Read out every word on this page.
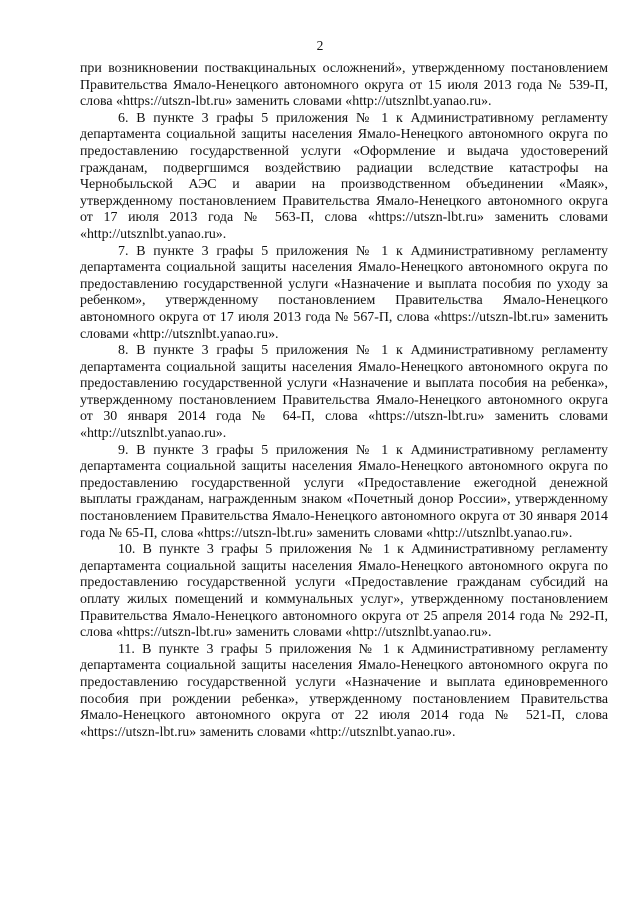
2

при возникновении поствакцинальных осложнений», утвержденному постановлением Правительства Ямало-Ненецкого автономного округа от 15 июля 2013 года № 539-П, слова «https://utszn-lbt.ru» заменить словами «http://utsznlbt.yanao.ru».

6. В пункте 3 графы 5 приложения № 1 к Административному регламенту департамента социальной защиты населения Ямало-Ненецкого автономного округа по предоставлению государственной услуги «Оформление и выдача удостоверений гражданам, подвергшимся воздействию радиации вследствие катастрофы на Чернобыльской АЭС и аварии на производственном объединении «Маяк», утвержденному постановлением Правительства Ямало-Ненецкого автономного округа от 17 июля 2013 года № 563-П, слова «https://utszn-lbt.ru» заменить словами «http://utsznlbt.yanao.ru».

7. В пункте 3 графы 5 приложения № 1 к Административному регламенту департамента социальной защиты населения Ямало-Ненецкого автономного округа по предоставлению государственной услуги «Назначение и выплата пособия по уходу за ребенком», утвержденному постановлением Правительства Ямало-Ненецкого автономного округа от 17 июля 2013 года № 567-П, слова «https://utszn-lbt.ru» заменить словами «http://utsznlbt.yanao.ru».

8. В пункте 3 графы 5 приложения № 1 к Административному регламенту департамента социальной защиты населения Ямало-Ненецкого автономного округа по предоставлению государственной услуги «Назначение и выплата пособия на ребенка», утвержденному постановлением Правительства Ямало-Ненецкого автономного округа от 30 января 2014 года № 64-П, слова «https://utszn-lbt.ru» заменить словами «http://utsznlbt.yanao.ru».

9. В пункте 3 графы 5 приложения № 1 к Административному регламенту департамента социальной защиты населения Ямало-Ненецкого автономного округа по предоставлению государственной услуги «Предоставление ежегодной денежной выплаты гражданам, награжденным знаком «Почетный донор России», утвержденному постановлением Правительства Ямало-Ненецкого автономного округа от 30 января 2014 года № 65-П, слова «https://utszn-lbt.ru» заменить словами «http://utsznlbt.yanao.ru».

10. В пункте 3 графы 5 приложения № 1 к Административному регламенту департамента социальной защиты населения Ямало-Ненецкого автономного округа по предоставлению государственной услуги «Предоставление гражданам субсидий на оплату жилых помещений и коммунальных услуг», утвержденному постановлением Правительства Ямало-Ненецкого автономного округа от 25 апреля 2014 года № 292-П, слова «https://utszn-lbt.ru» заменить словами «http://utsznlbt.yanao.ru».

11. В пункте 3 графы 5 приложения № 1 к Административному регламенту департамента социальной защиты населения Ямало-Ненецкого автономного округа по предоставлению государственной услуги «Назначение и выплата единовременного пособия при рождении ребенка», утвержденному постановлением Правительства Ямало-Ненецкого автономного округа от 22 июля 2014 года № 521-П, слова «https://utszn-lbt.ru» заменить словами «http://utsznlbt.yanao.ru».
